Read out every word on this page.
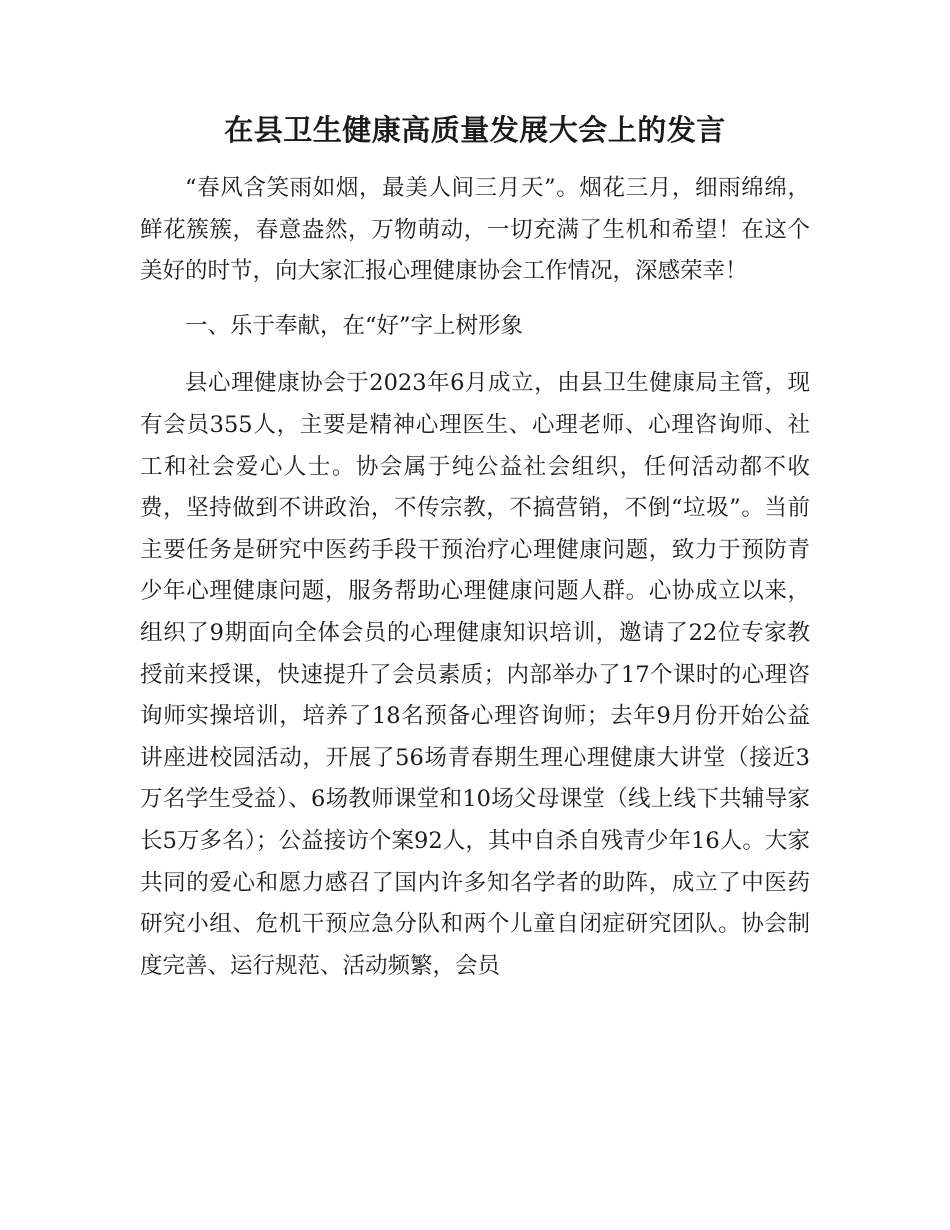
在县卫生健康高质量发展大会上的发言

“春风含笑雨如烟，最美人间三月天”。烟花三月，细雨绵绵，鲜花簇簇，春意盎然，万物萌动，一切充满了生机和希望！在这个美好的时节，向大家汇报心理健康协会工作情况，深感荣幸！

一、乐于奉献，在“好”字上树形象

县心理健康协会于2023年6月成立，由县卫生健康局主管，现有会员355人，主要是精神心理医生、心理老师、心理咨询师、社工和社会爱心人士。协会属于纯公益社会组织，任何活动都不收费，坚持做到不讲政治，不传宗教，不搞营销，不倒“垃圾”。当前主要任务是研究中医药手段干预治疗心理健康问题，致力于预防青少年心理健康问题，服务帮助心理健康问题人群。心协成立以来，组织了9期面向全体会员的心理健康知识培训，邀请了22位专家教授前来授课，快速提升了会员素质；内部举办了17个课时的心理咨询师实操培训，培养了18名预备心理咨询师；去年9月份开始公益讲座进校园活动，开展了56场青春期生理心理健康大讲堂（接近3万名学生受益）、6场教师课堂和10场父母课堂（线上线下共辅导家长5万多名）；公益接访个案92人，其中自杀自残青少年16人。大家共同的爱心和愿力感召了国内许多知名学者的助阵，成立了中医药研究小组、危机干预应急分队和两个儿童自闭症研究团队。协会制度完善、运行规范、活动频繁，会员
